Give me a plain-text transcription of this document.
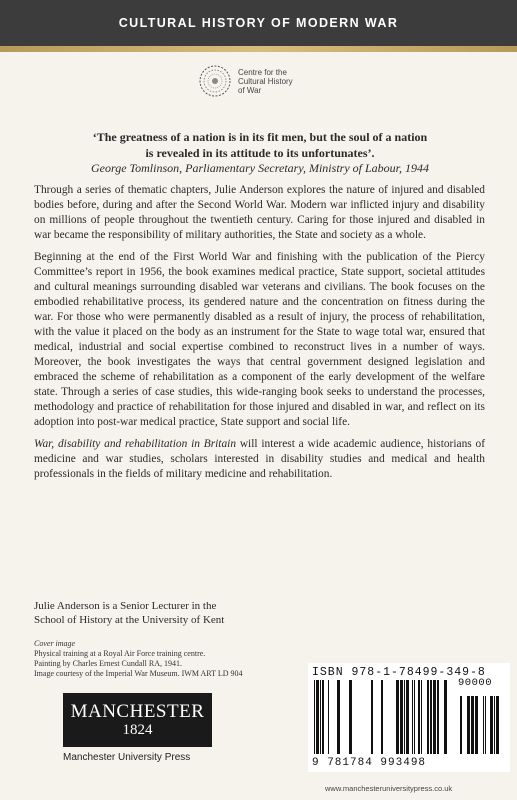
CULTURAL HISTORY OF MODERN WAR
Centre for the
Cultural History
of War
‘The greatness of a nation is in its fit men, but the soul of a nation
is revealed in its attitude to its unfortunates’.
George Tomlinson, Parliamentary Secretary, Ministry of Labour, 1944

Through a series of thematic chapters, Julie Anderson explores the nature of injured and disabled bodies before, during and after the Second World War. Modern war inflicted injury and disability on millions of people throughout the twentieth century. Caring for those injured and disabled in war became the responsibility of military authorities, the State and society as a whole.

Beginning at the end of the First World War and finishing with the publication of the Piercy Committee’s report in 1956, the book examines medical practice, State support, societal attitudes and cultural meanings surrounding disabled war veterans and civilians. The book focuses on the embodied rehabilitative process, its gendered nature and the concentration on fitness during the war. For those who were permanently disabled as a result of injury, the process of rehabilitation, with the value it placed on the body as an instrument for the State to wage total war, ensured that medical, industrial and social expertise combined to reconstruct lives in a number of ways. Moreover, the book investigates the ways that central government designed legislation and embraced the scheme of rehabilitation as a component of the early development of the welfare state. Through a series of case studies, this wide-ranging book seeks to understand the processes, methodology and practice of rehabilitation for those injured and disabled in war, and reflect on its adoption into post-war medical practice, State support and social life.

War, disability and rehabilitation in Britain will interest a wide academic audience, historians of medicine and war studies, scholars interested in disability studies and medical and health professionals in the fields of military medicine and rehabilitation.

Julie Anderson is a Senior Lecturer in the
School of History at the University of Kent
Cover image
Physical training at a Royal Air Force training centre.
Painting by Charles Ernest Cundall RA, 1941.
Image courtesy of the Imperial War Museum. IWM ART LD 904	ISBN 978-1-78499-349-8
90000
9 781784 993498
MANCHESTER
1824
Manchester University Press
www.manchesteruniversitypress.co.uk
